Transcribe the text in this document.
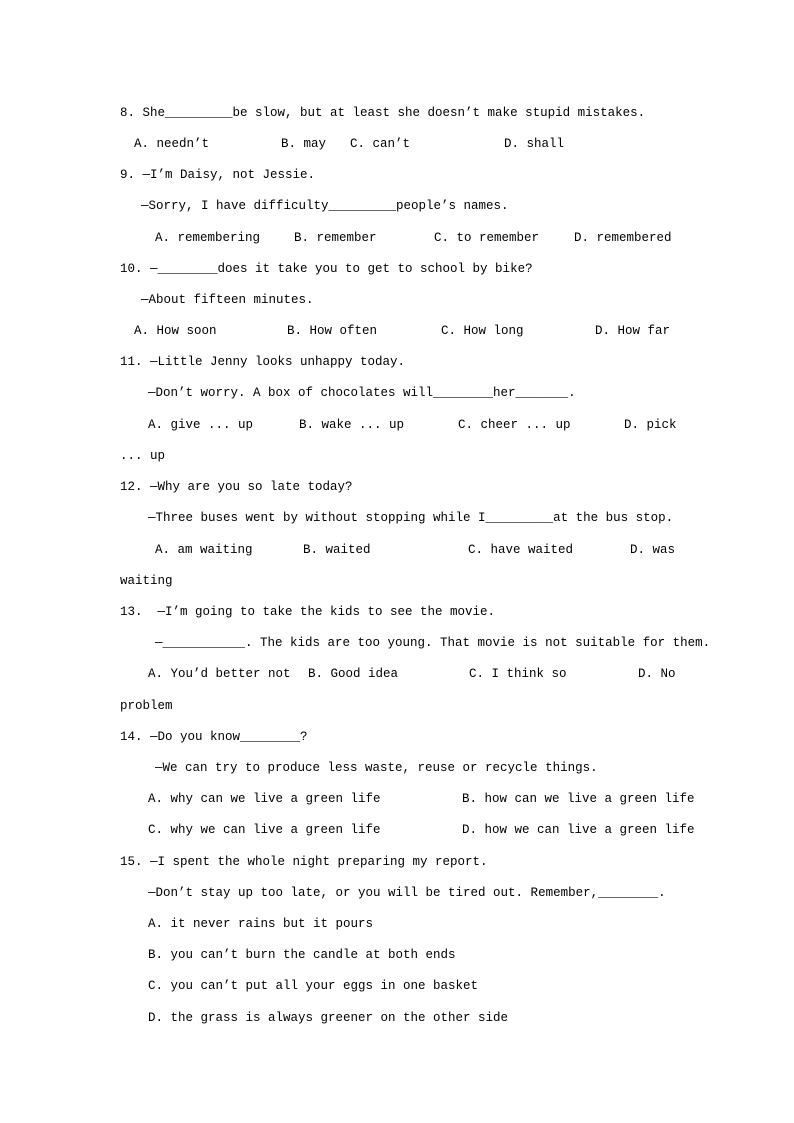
8. She_________be slow, but at least she doesn’t make stupid mistakes.
A. needn’t	B. may C. can’t	D. shall
9. —I’m Daisy, not Jessie.
—Sorry, I have difficulty_________people’s names.
A. remembering	B. remember	C. to remember	D. remembered
10. —________does it take you to get to school by bike?
—About fifteen minutes.
A. How soon	B. How often	C. How long	D. How far
11. —Little Jenny looks unhappy today.
—Don’t worry. A box of chocolates will________her_______.
A. give ... up	B. wake ... up	C. cheer ... up	D. pick
... up
12. —Why are you so late today?
—Three buses went by without stopping while I_________at the bus stop.
A. am waiting	B. waited	C. have waited	D. was
waiting
13.  —I’m going to take the kids to see the movie.
—___________. The kids are too young. That movie is not suitable for them.
A. You’d better not B. Good idea	C. I think so	D. No
problem
14. —Do you know________?
—We can try to produce less waste, reuse or recycle things.
A. why can we live a green life	B. how can we live a green life
C. why we can live a green life	D. how we can live a green life
15. —I spent the whole night preparing my report.
—Don’t stay up too late, or you will be tired out. Remember,________.
A. it never rains but it pours
B. you can’t burn the candle at both ends
C. you can’t put all your eggs in one basket
D. the grass is always greener on the other side
